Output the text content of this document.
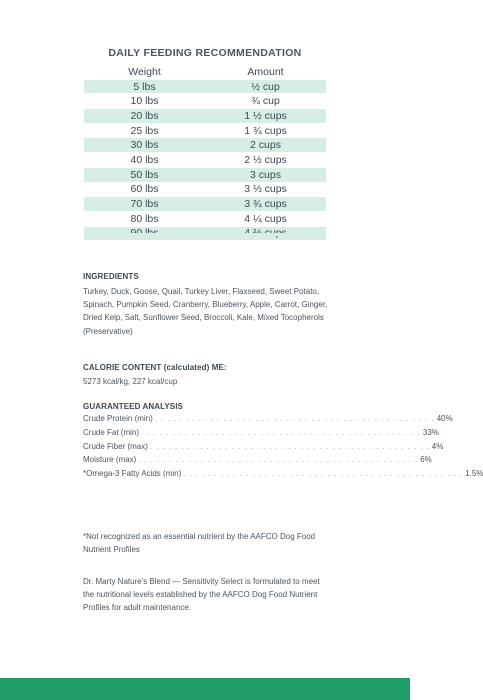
DAILY FEEDING RECOMMENDATION
Weight	Amount
5 lbs	½ cup
10 lbs	¾ cup
20 lbs	1 ½ cups
25 lbs	1 ¾ cups
30 lbs	2 cups
40 lbs	2 ½ cups
50 lbs	3 cups
60 lbs	3 ⅓ cups
70 lbs	3 ¾ cups
80 lbs	4 ¼ cups

INGREDIENTS
Turkey, Duck, Goose, Quail, Turkey Liver, Flaxseed, Sweet Potato, Spinach, Pumpkin Seed, Cranberry, Blueberry, Apple, Carrot, Ginger, Dried Kelp, Salt, Sunflower Seed, Broccoli, Kale, Mixed Tocopherols (Preservative)
CALORIE CONTENT (calculated) ME:
5273 kcal/kg, 227 kcal/cup
GUARANTEED ANALYSIS
Crude Protein (min) . . . . . . . . . . . . . . . . . . . . . . . . . . . . . . . . . . . . . . . . . . . . . 40%
Crude Fat (min) . . . . . . . . . . . . . . . . . . . . . . . . . . . . . . . . . . . . . . . . . . . . . 33%
Crude Fiber (max) . . . . . . . . . . . . . . . . . . . . . . . . . . . . . . . . . . . . . . . . . . . . . 4%
Moisture (max) . . . . . . . . . . . . . . . . . . . . . . . . . . . . . . . . . . . . . . . . . . . . . 6%
*Omega-3 Fatty Acids (min) . . . . . . . . . . . . . . . . . . . . . . . . . . . . . . . . . . . . . . . . . . . . . 1.5%
*Not recognized as an essential nutrient by the AAFCO Dog Food Nutrient Profiles
Dr. Marty Nature's Blend — Sensitivity Select is formulated to meet the nutritional levels established by the AAFCO Dog Food Nutrient Profiles for adult maintenance.
